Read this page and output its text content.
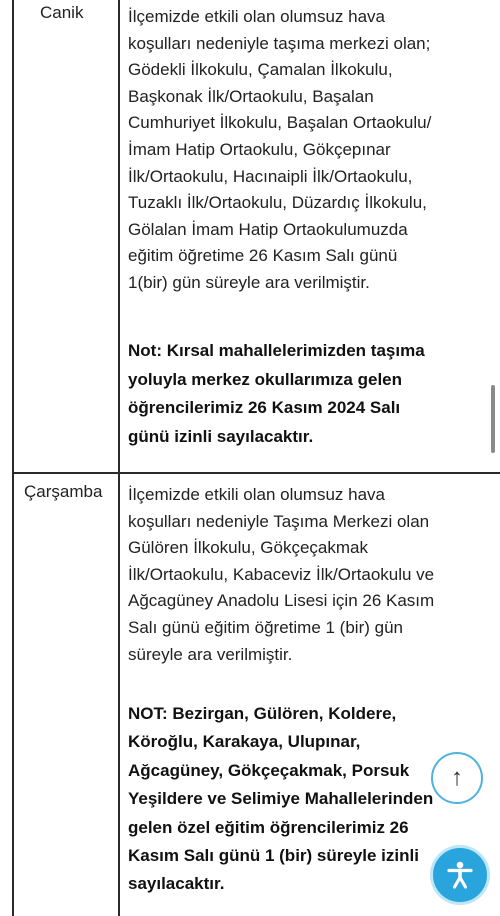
Canik	İlçemizde etkili olan olumsuz hava
koşulları nedeniyle taşıma merkezi olan;
Gödekli İlkokulu, Çamalan İlkokulu,
Başkonak İlk/Ortaokulu, Başalan
Cumhuriyet İlkokulu, Başalan Ortaokulu/
İmam Hatip Ortaokulu, Gökçepınar
İlk/Ortaokulu, Hacınaipli İlk/Ortaokulu,
Tuzaklı İlk/Ortaokulu, Düzardıç İlkokulu,
Gölalan İmam Hatip Ortaokulumuzda
eğitim öğretime 26 Kasım Salı günü
1(bir) gün süreyle ara verilmiştir.
Not: Kırsal mahallelerimizden taşıma
yoluyla merkez okullarımıza gelen
öğrencilerimiz 26 Kasım 2024 Salı
günü izinli sayılacaktır.
Çarşamba İlçemizde etkili olan olumsuz hava
koşulları nedeniyle Taşıma Merkezi olan
Gülören İlkokulu, Gökçeçakmak
İlk/Ortaokulu, Kabaceviz İlk/Ortaokulu ve
Ağcagüney Anadolu Lisesi için 26 Kasım
Salı günü eğitim öğretime 1 (bir) gün
süreyle ara verilmiştir.
NOT: Bezirgan, Gülören, Koldere,
Köroğlu, Karakaya, Ulupınar,
Ağcagüney, Gökçeçakmak, Porsuk
Yeşildere ve Selimiye Mahallelerinden
gelen özel eğitim öğrencilerimiz 26
Kasım Salı günü 1 (bir) süreyle izinli
sayılacaktır.
↑
